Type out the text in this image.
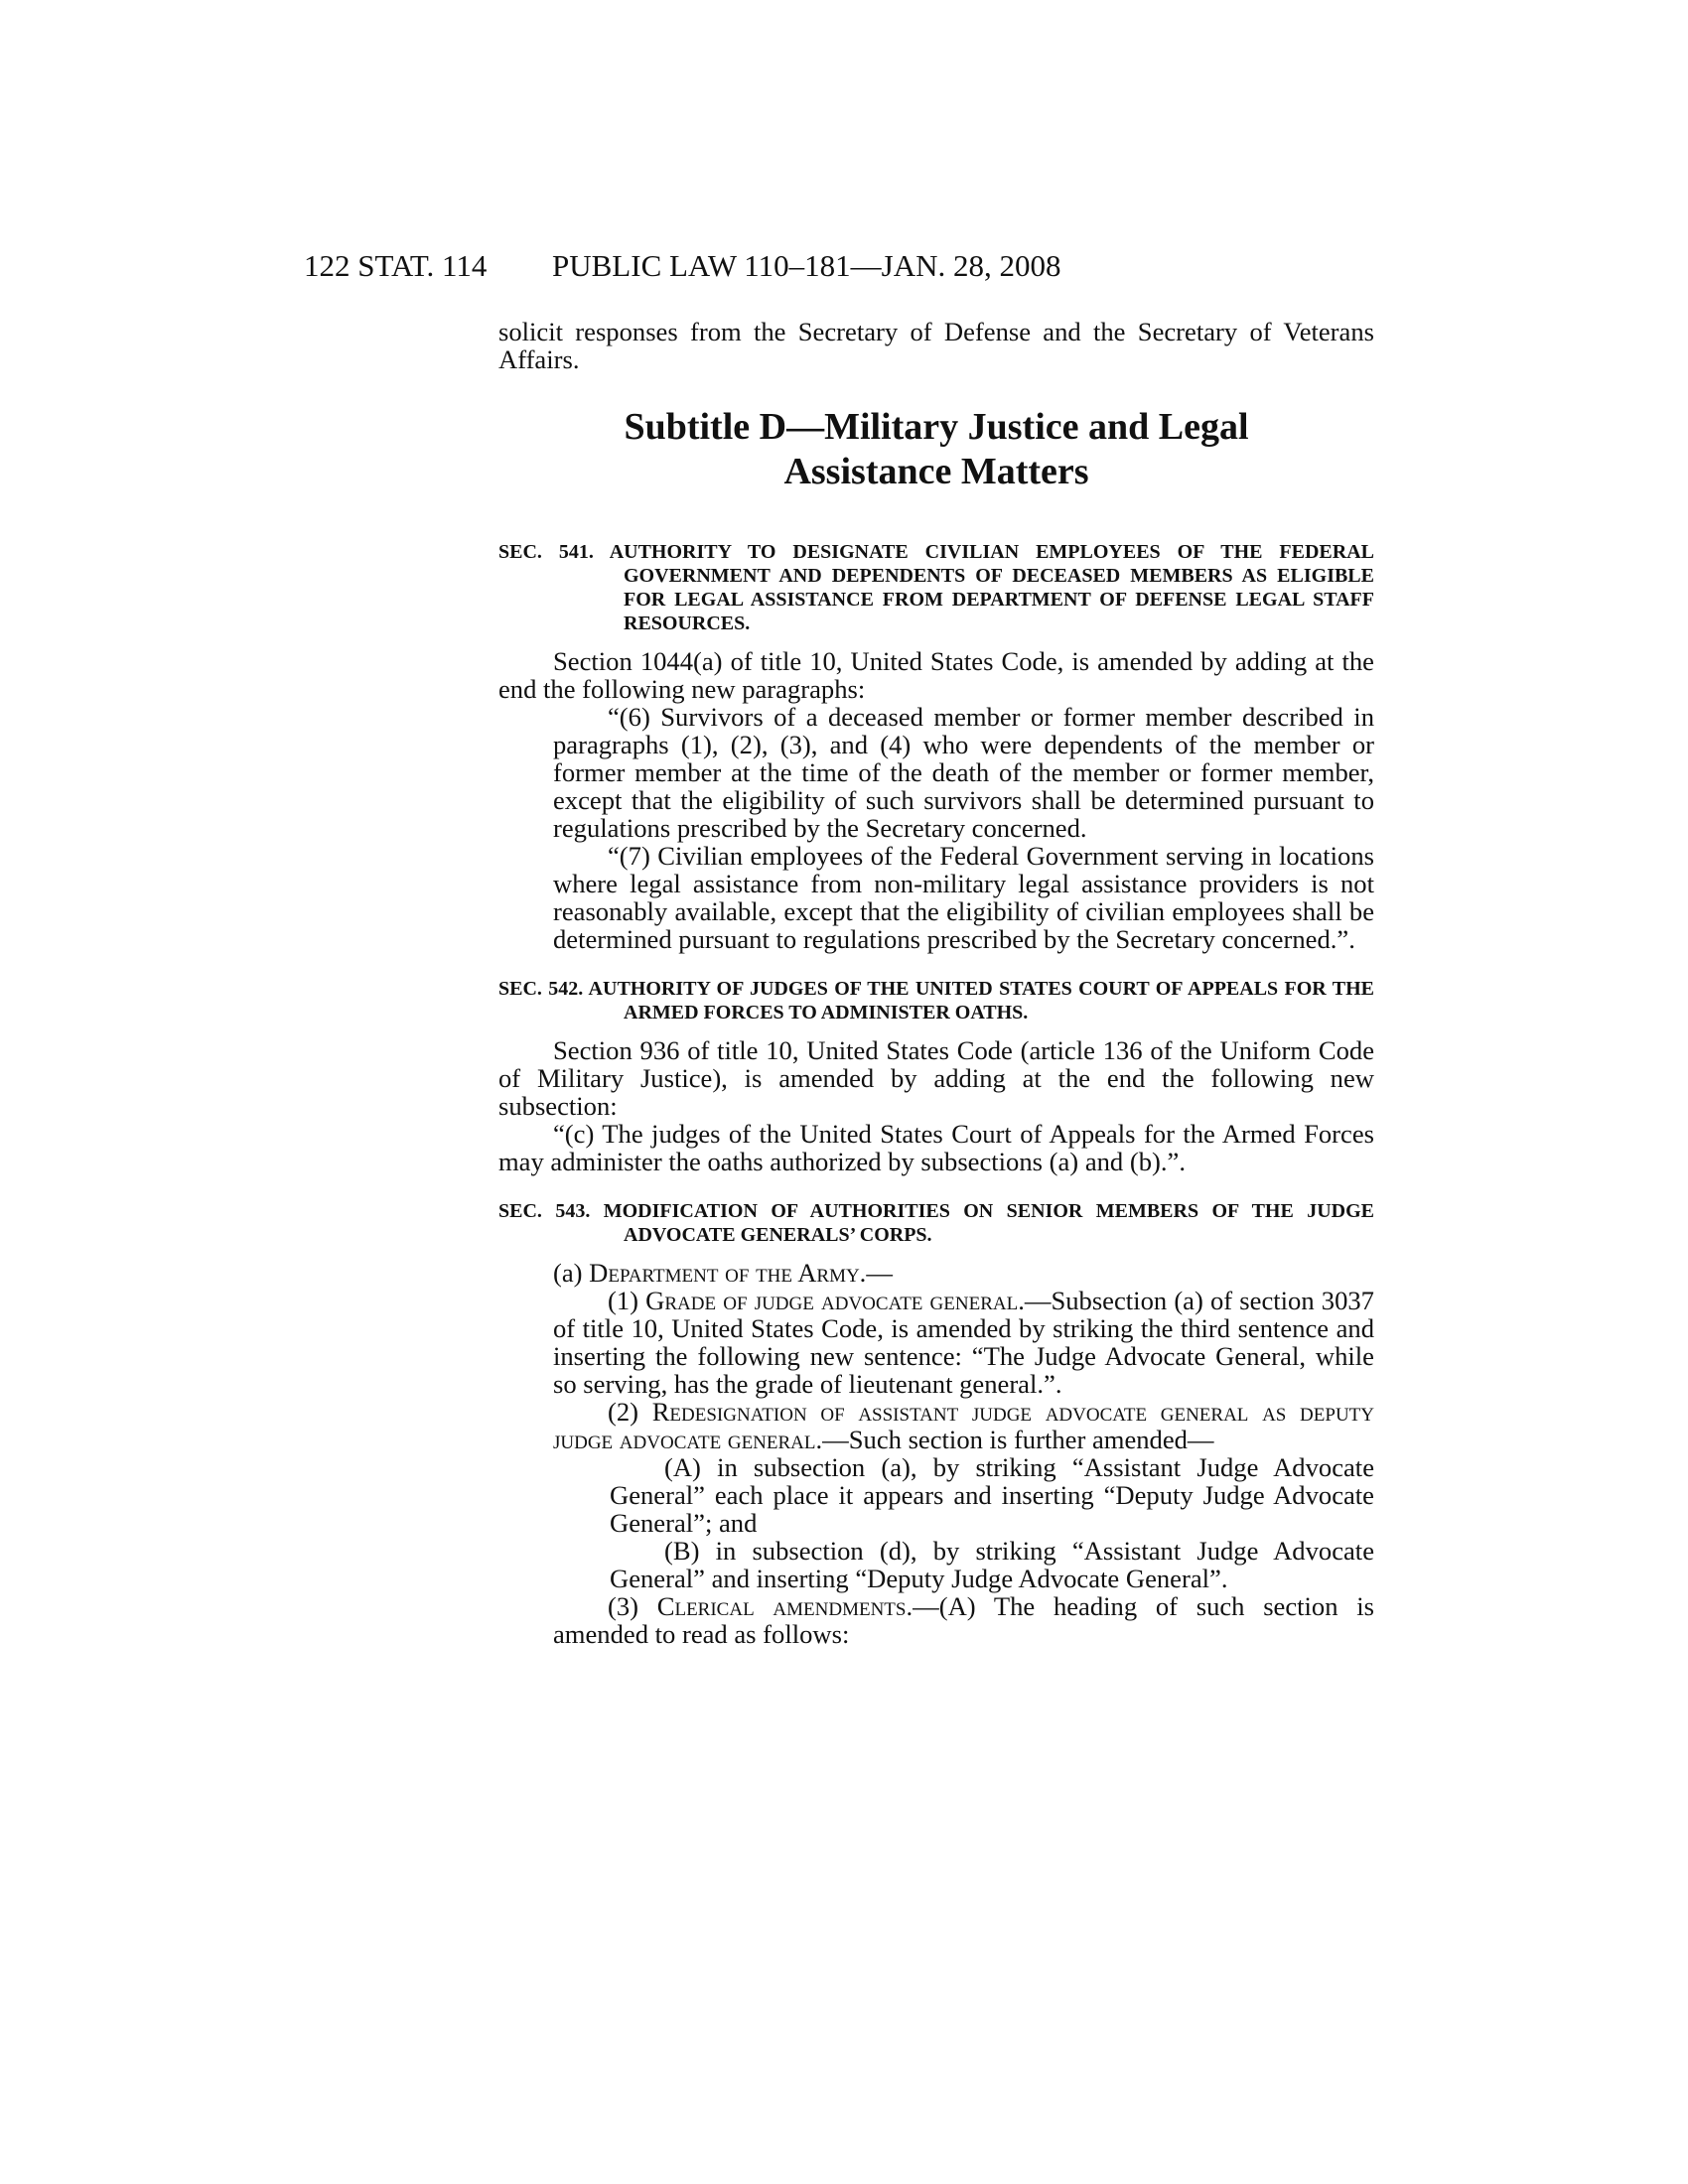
122 STAT. 114 PUBLIC LAW 110–181—JAN. 28, 2008

solicit responses from the Secretary of Defense and the Secretary of Veterans Affairs.

Subtitle D—Military Justice and Legal
Assistance Matters

SEC. 541. AUTHORITY TO DESIGNATE CIVILIAN EMPLOYEES OF THE FEDERAL GOVERNMENT AND DEPENDENTS OF DECEASED MEMBERS AS ELIGIBLE FOR LEGAL ASSISTANCE FROM DEPARTMENT OF DEFENSE LEGAL STAFF RESOURCES.

Section 1044(a) of title 10, United States Code, is amended by adding at the end the following new paragraphs:

“(6) Survivors of a deceased member or former member described in paragraphs (1), (2), (3), and (4) who were dependents of the member or former member at the time of the death of the member or former member, except that the eligibility of such survivors shall be determined pursuant to regulations prescribed by the Secretary concerned.

“(7) Civilian employees of the Federal Government serving in locations where legal assistance from non-military legal assistance providers is not reasonably available, except that the eligibility of civilian employees shall be determined pursuant to regulations prescribed by the Secretary concerned.”.

SEC. 542. AUTHORITY OF JUDGES OF THE UNITED STATES COURT OF APPEALS FOR THE ARMED FORCES TO ADMINISTER OATHS.

Section 936 of title 10, United States Code (article 136 of the Uniform Code of Military Justice), is amended by adding at the end the following new subsection:

“(c) The judges of the United States Court of Appeals for the Armed Forces may administer the oaths authorized by subsections (a) and (b).”.

SEC. 543. MODIFICATION OF AUTHORITIES ON SENIOR MEMBERS OF THE JUDGE ADVOCATE GENERALS’ CORPS.

(a) Department of the Army.—

(1) Grade of judge advocate general.—Subsection (a) of section 3037 of title 10, United States Code, is amended by striking the third sentence and inserting the following new sentence: “The Judge Advocate General, while so serving, has the grade of lieutenant general.”.

(2) Redesignation of assistant judge advocate general as deputy judge advocate general.—Such section is further amended—

(A) in subsection (a), by striking “Assistant Judge Advocate General” each place it appears and inserting “Deputy Judge Advocate General”; and

(B) in subsection (d), by striking “Assistant Judge Advocate General” and inserting “Deputy Judge Advocate General”.

(3) Clerical amendments.—(A) The heading of such section is amended to read as follows:
